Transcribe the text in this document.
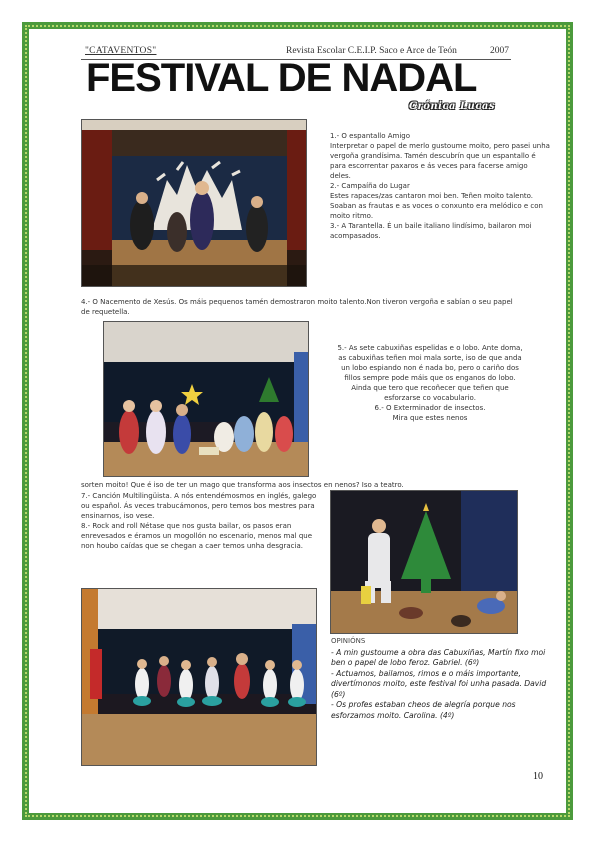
"CATAVENTOS"	Revista Escolar C.E.I.P. Saco e Arce de Teón	2007
FESTIVAL DE NADAL
Crónica Lucas

1.- O espantallo Amigo

Interpretar o papel de merlo gustoume moito, pero pasei unha vergoña grandísima. Tamén descubrín que un espantallo é para escorrentar paxaros e ás veces para facerse amigo deles.

2.- Campaíña do Lugar

Estes rapaces/zas cantaron moi ben. Teñen moito talento. Soaban as frautas e as voces o conxunto era melódico e con moito ritmo.

3.- A Tarantella. É un baile italiano lindísimo, bailaron moi acompasados.

4.- O Nacemento de Xesús. Os máis pequenos tamén demostraron moito talento.Non tiveron vergoña e sabían o seu papel de requetella.

5.- As sete cabuxiñas espelidas e o lobo. Ante doma, as cabuxiñas teñen moi mala sorte, iso de que anda un lobo espiando non é nada bo, pero o cariño dos fillos sempre pode máis que os enganos do lobo. Ainda que tero que recoñecer que teñen que esforzarse co vocabulario.

6.- O Exterminador de insectos.

Mira que estes nenos

sorten moito! Que é iso de ter un mago que transforma aos insectos en nenos? Iso a teatro.

7.- Canción Multilingüista. A nós entendémosmos en inglés, galego ou español. Ás veces trabucámonos, pero temos bos mestres para ensinarnos, iso vese.

8.- Rock and roll Nétase que nos gusta bailar, os pasos eran enrevesados e éramos un mogollón no escenario, menos mal que non houbo caídas que se chegan a caer temos unha desgracia.

OPINIÓNS

- A min gustoume a obra das Cabuxiñas, Martín fixo moi ben o papel de lobo feroz. Gabriel. (6º)

- Actuamos, bailamos, rimos e o máis importante, divertímonos moito, este festival foi unha pasada. David (6º)

- Os profes estaban cheos de alegría porque nos esforzamos moito. Carolina. (4º)

10
